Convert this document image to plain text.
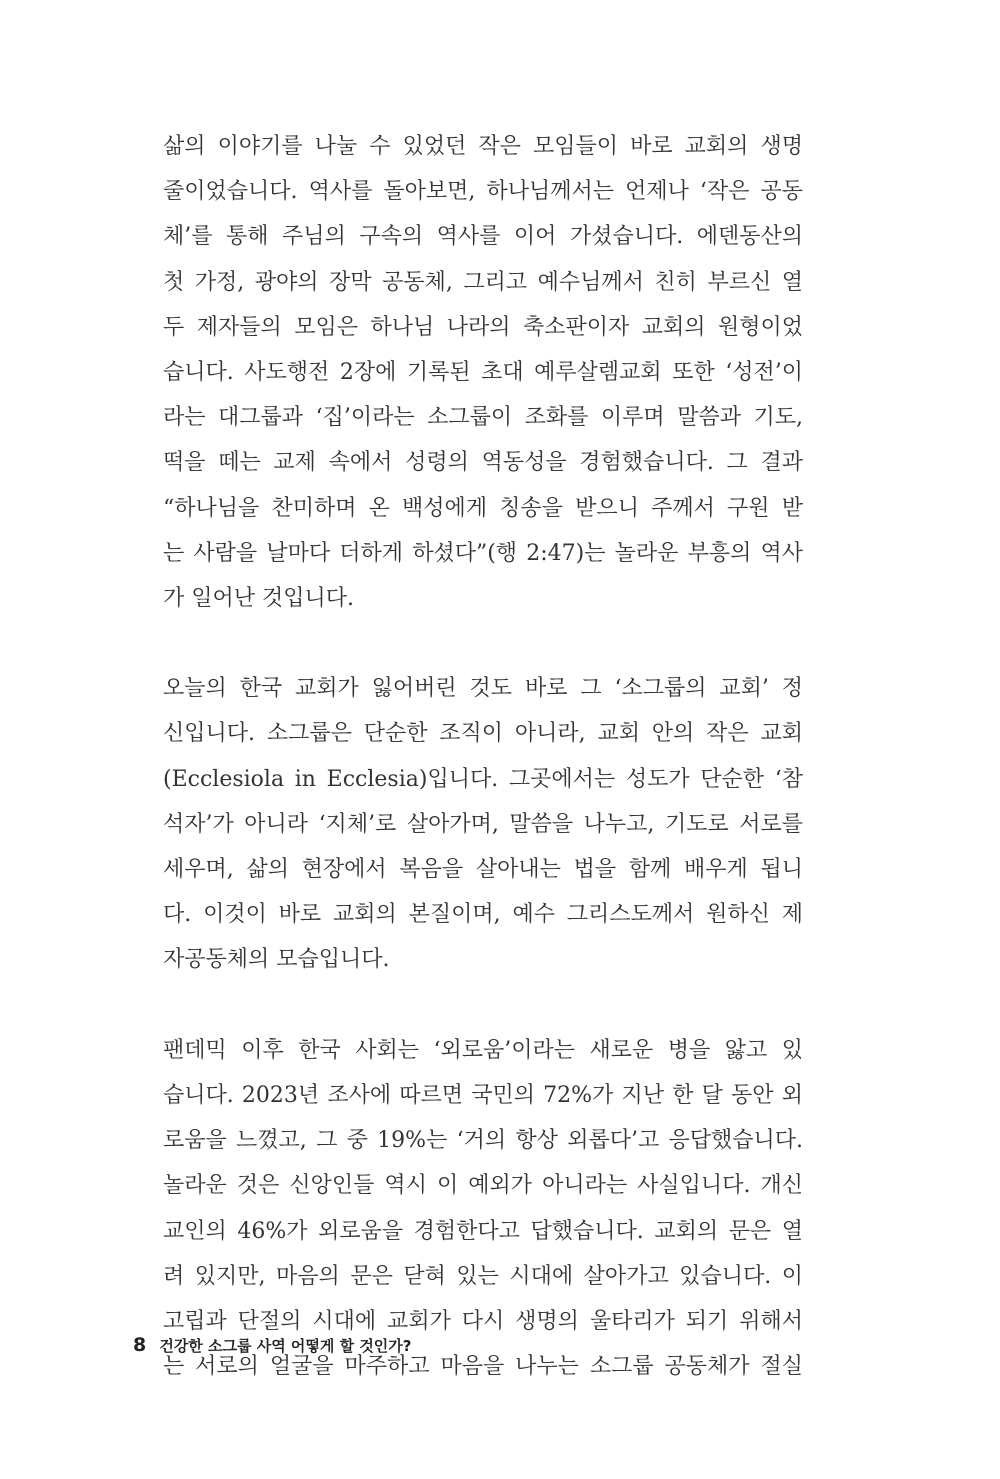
삶의 이야기를 나눌 수 있었던 작은 모임들이 바로 교회의 생명
줄이었습니다. 역사를 돌아보면, 하나님께서는 언제나 ‘작은 공동
체’를 통해 주님의 구속의 역사를 이어 가셨습니다. 에덴동산의
첫 가정, 광야의 장막 공동체, 그리고 예수님께서 친히 부르신 열
두 제자들의 모임은 하나님 나라의 축소판이자 교회의 원형이었
습니다. 사도행전 2장에 기록된 초대 예루살렘교회 또한 ‘성전’이
라는 대그룹과 ‘집’이라는 소그룹이 조화를 이루며 말씀과 기도,
떡을 떼는 교제 속에서 성령의 역동성을 경험했습니다. 그 결과
“하나님을 찬미하며 온 백성에게 칭송을 받으니 주께서 구원 받
는 사람을 날마다 더하게 하셨다”(행 2:47)는 놀라운 부흥의 역사
가 일어난 것입니다.
오늘의 한국 교회가 잃어버린 것도 바로 그 ‘소그룹의 교회’ 정
신입니다. 소그룹은 단순한 조직이 아니라, 교회 안의 작은 교회
(Ecclesiola in Ecclesia)입니다. 그곳에서는 성도가 단순한 ‘참
석자’가 아니라 ‘지체’로 살아가며, 말씀을 나누고, 기도로 서로를
세우며, 삶의 현장에서 복음을 살아내는 법을 함께 배우게 됩니
다. 이것이 바로 교회의 본질이며, 예수 그리스도께서 원하신 제
자공동체의 모습입니다.
팬데믹 이후 한국 사회는 ‘외로움’이라는 새로운 병을 앓고 있
습니다. 2023년 조사에 따르면 국민의 72%가 지난 한 달 동안 외
로움을 느꼈고, 그 중 19%는 ‘거의 항상 외롭다’고 응답했습니다.
놀라운 것은 신앙인들 역시 이 예외가 아니라는 사실입니다. 개신
교인의 46%가 외로움을 경험한다고 답했습니다. 교회의 문은 열
려 있지만, 마음의 문은 닫혀 있는 시대에 살아가고 있습니다. 이
고립과 단절의 시대에 교회가 다시 생명의 울타리가 되기 위해서
는 서로의 얼굴을 마주하고 마음을 나누는 소그룹 공동체가 절실
8 건강한 소그룹 사역 어떻게 할 것인가?
